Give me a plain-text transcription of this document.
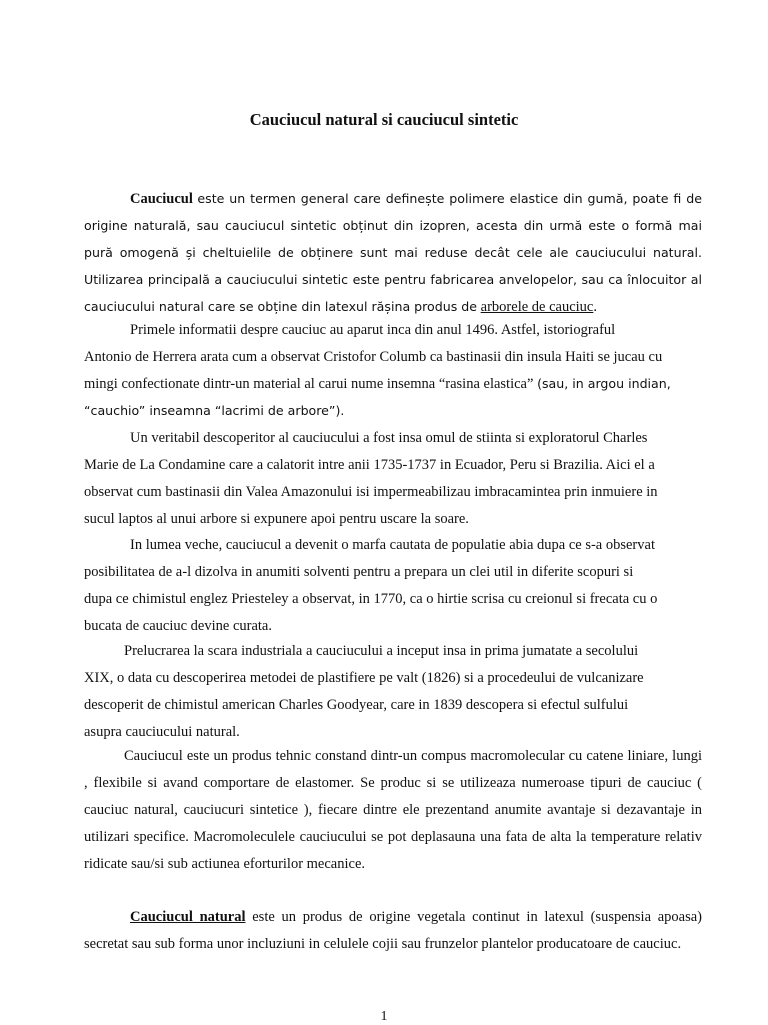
Cauciucul natural si cauciucul sintetic

Cauciucul este un termen general care definește polimere elastice din gumă, poate fi de origine naturală, sau cauciucul sintetic obținut din izopren, acesta din urmă este o formă mai pură omogenă și cheltuielile de obținere sunt mai reduse decât cele ale cauciucului natural. Utilizarea principală a cauciucului sintetic este pentru fabricarea anvelopelor, sau ca înlocuitor al cauciucului natural care se obține din latexul rășina produs de arborele de cauciuc.

Primele informatii despre cauciuc au aparut inca din anul 1496. Astfel, istoriograful
Antonio de Herrera arata cum a observat Cristofor Columb ca bastinasii din insula Haiti se jucau cu
mingi confectionate dintr-un material al carui nume insemna “rasina elastica” (sau, in argou indian,
“cauchio” inseamna “lacrimi de arbore”).
Un veritabil descoperitor al cauciucului a fost insa omul de stiinta si exploratorul Charles
Marie de La Condamine care a calatorit intre anii 1735-1737 in Ecuador, Peru si Brazilia. Aici el a
observat cum bastinasii din Valea Amazonului isi impermeabilizau imbracamintea prin inmuiere in
sucul laptos al unui arbore si expunere apoi pentru uscare la soare.
In lumea veche, cauciucul a devenit o marfa cautata de populatie abia dupa ce s-a observat
posibilitatea de a-l dizolva in anumiti solventi pentru a prepara un clei util in diferite scopuri si
dupa ce chimistul englez Priesteley a observat, in 1770, ca o hirtie scrisa cu creionul si frecata cu o
bucata de cauciuc devine curata.
Prelucrarea la scara industriala a cauciucului a inceput insa in prima jumatate a secolului
XIX, o data cu descoperirea metodei de plastifiere pe valt (1826) si a procedeului de vulcanizare
descoperit de chimistul american Charles Goodyear, care in 1839 descopera si efectul sulfului
asupra cauciucului natural.

Cauciucul este un produs tehnic constand dintr-un compus macromolecular cu catene liniare, lungi , flexibile si avand comportare de elastomer. Se produc si se utilizeaza numeroase tipuri de cauciuc ( cauciuc natural, cauciucuri sintetice ), fiecare dintre ele prezentand anumite avantaje si dezavantaje in utilizari specifice. Macromoleculele cauciucului se pot deplasauna una fata de alta la temperature relativ ridicate sau/si sub actiunea eforturilor mecanice.

Cauciucul natural este un produs de origine vegetala continut in latexul (suspensia apoasa) secretat sau sub forma unor incluziuni in celulele cojii sau frunzelor plantelor producatoare de cauciuc.

1
